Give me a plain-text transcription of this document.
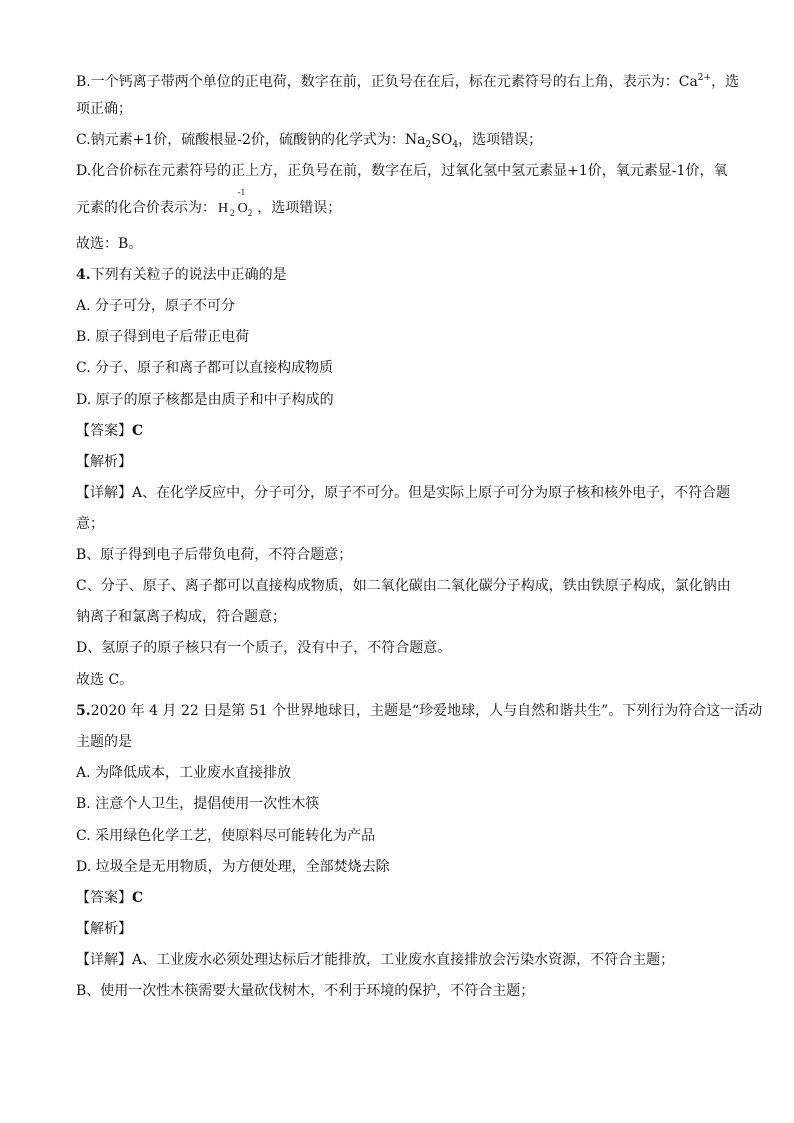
B.一个钙离子带两个单位的正电荷，数字在前，正负号在在后，标在元素符号的右上角，表示为：$Ca^{2+}$，选
项正确；
C.钠元素+1价，硫酸根显-2价，硫酸钠的化学式为：$Na_2SO_4$，选项错误；
D.化合价标在元素符号的正上方，正负号在前，数字在后，过氧化氢中氢元素显+1价，氧元素显-1价，氧
元素的化合价表示为： H $_2$
-1
$O_2$ ，选项错误；
故选：B。
4.下列有关粒子的说法中正确的是
A. 分子可分，原子不可分
B. 原子得到电子后带正电荷
C. 分子、原子和离子都可以直接构成物质
D. 原子的原子核都是由质子和中子构成的
【答案】C
【解析】
【详解】A、在化学反应中，分子可分，原子不可分。但是实际上原子可分为原子核和核外电子，不符合题
意；
B、原子得到电子后带负电荷，不符合题意；
C、分子、原子、离子都可以直接构成物质，如二氧化碳由二氧化碳分子构成，铁由铁原子构成，氯化钠由
钠离子和氯离子构成，符合题意；
D、氢原子的原子核只有一个质子，没有中子，不符合题意。
故选 C。
5.2020 年 4 月 22 日是第 51 个世界地球日，主题是“珍爱地球，人与自然和谐共生”。下列行为符合这一活动
主题的是
A. 为降低成本，工业废水直接排放
B. 注意个人卫生，提倡使用一次性木筷
C. 采用绿色化学工艺，使原料尽可能转化为产品
D. 垃圾全是无用物质，为方便处理，全部焚烧去除
【答案】C
【解析】
【详解】A、工业废水必须处理达标后才能排放，工业废水直接排放会污染水资源，不符合主题；
B、使用一次性木筷需要大量砍伐树木，不利于环境的保护，不符合主题；
